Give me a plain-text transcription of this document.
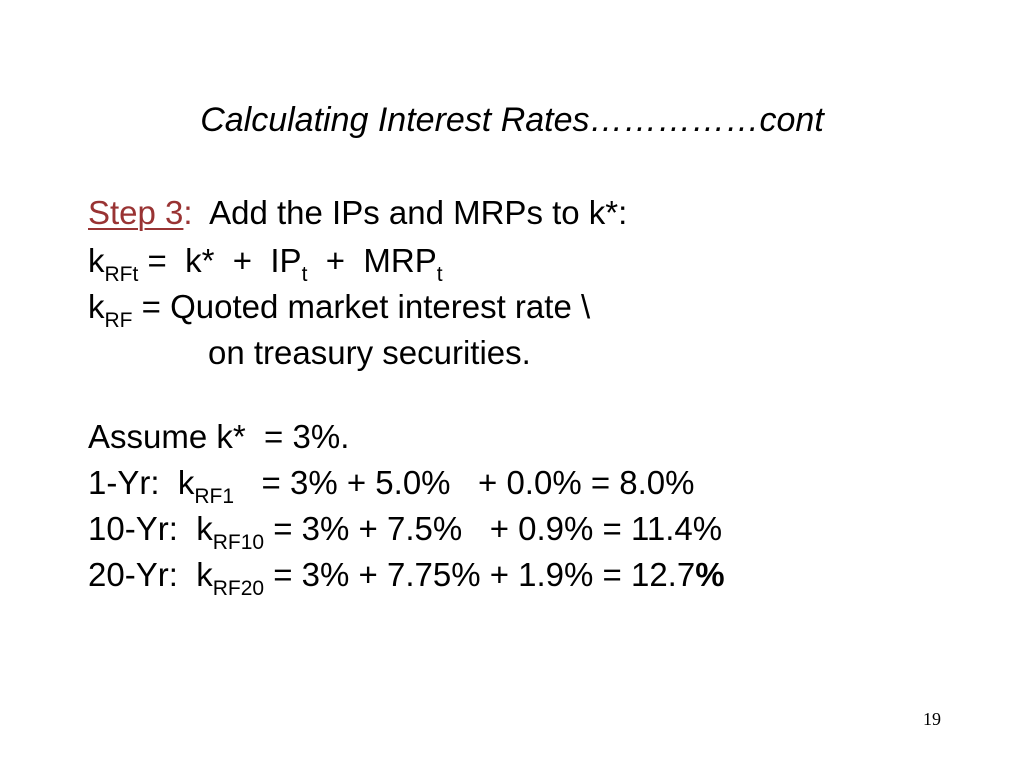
Calculating Interest Rates……………cont
Step 3:  Add the IPs and MRPs to k*:
$k_{RFt} = k* + IP_t + MRP_t$
$k_{RF}$ = Quoted market interest rate \
on treasury securities.
Assume k*  = 3%.
1-Yr:  $k_{RF1} = 3\% + 5.0\% + 0.0\% = 8.0\%$
10-Yr:  $k_{RF10} = 3\% + 7.5\% + 0.9\% = 11.4\%$
20-Yr:  $k_{RF20} = 3\% + 7.75\% + 1.9\% = 12.7\%$
19
